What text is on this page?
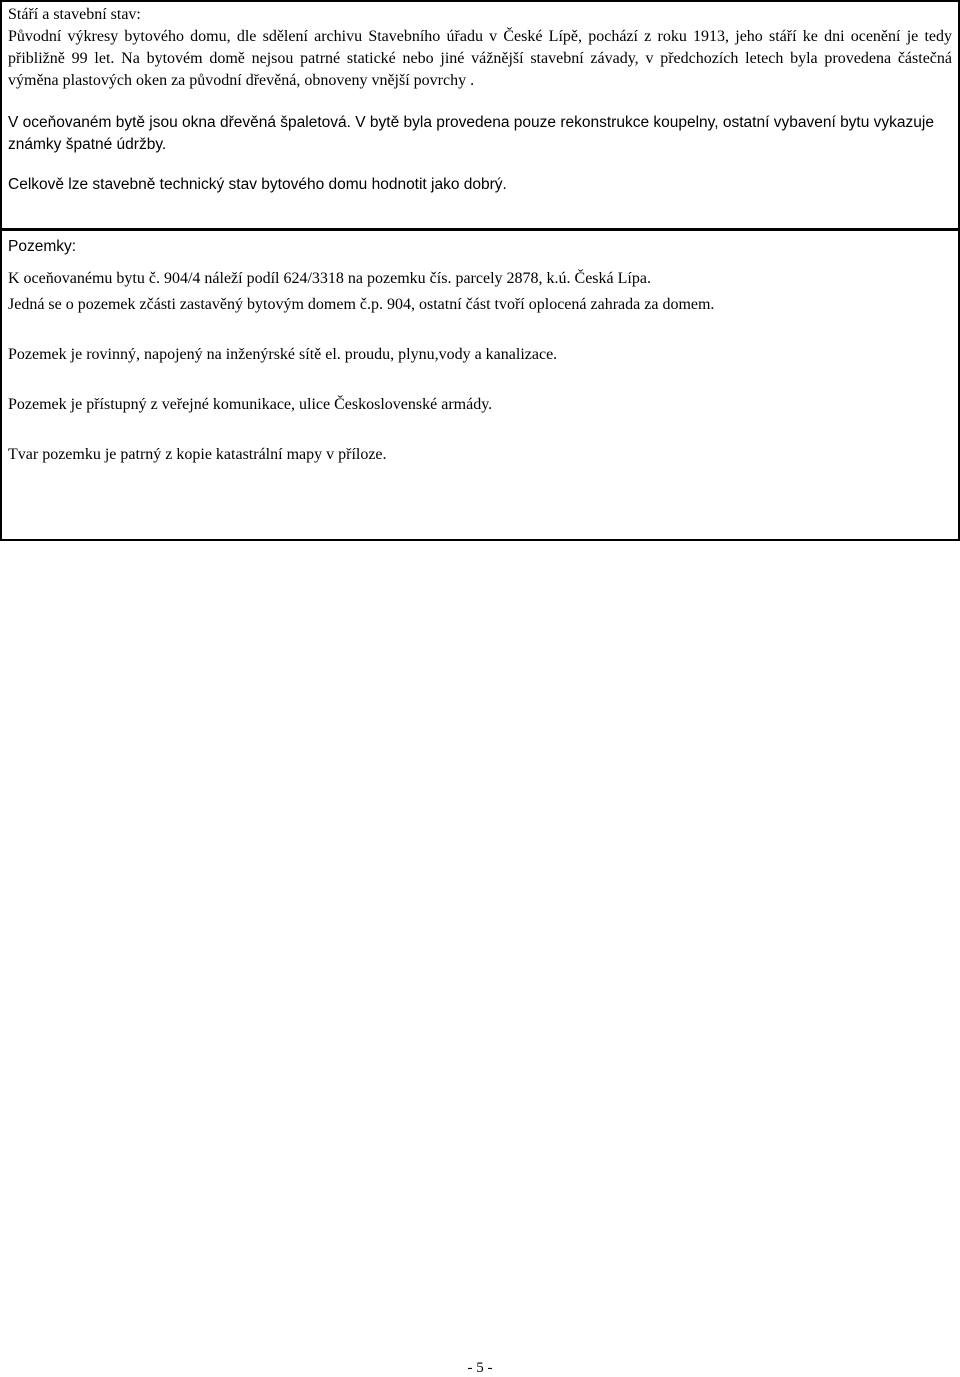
Stáří a stavební stav:

Původní výkresy bytového domu, dle sdělení archivu Stavebního úřadu v České Lípě, pochází z roku 1913, jeho stáří ke dni ocenění je tedy přibližně 99 let. Na bytovém domě nejsou patrné statické nebo jiné vážnější stavební závady, v předchozích letech byla provedena částečná výměna plastových oken za původní dřevěná, obnoveny vnější povrchy .

V oceňovaném bytě jsou okna dřevěná špaletová. V bytě byla provedena pouze rekonstrukce koupelny, ostatní vybavení bytu vykazuje známky špatné údržby.

Celkově lze stavebně technický stav bytového domu hodnotit jako dobrý.

Pozemky:

K oceňovanému bytu č. 904/4 náleží podíl 624/3318 na pozemku čís. parcely 2878, k.ú. Česká Lípa.

Jedná se o pozemek zčásti zastavěný bytovým domem č.p. 904, ostatní část tvoří oplocená zahrada za domem.

Pozemek je rovinný, napojený na inženýrské sítě el. proudu, plynu,vody a kanalizace.

Pozemek je přístupný z veřejné komunikace, ulice Československé armády.

Tvar pozemku je patrný z kopie katastrální mapy v příloze.

- 5 -
